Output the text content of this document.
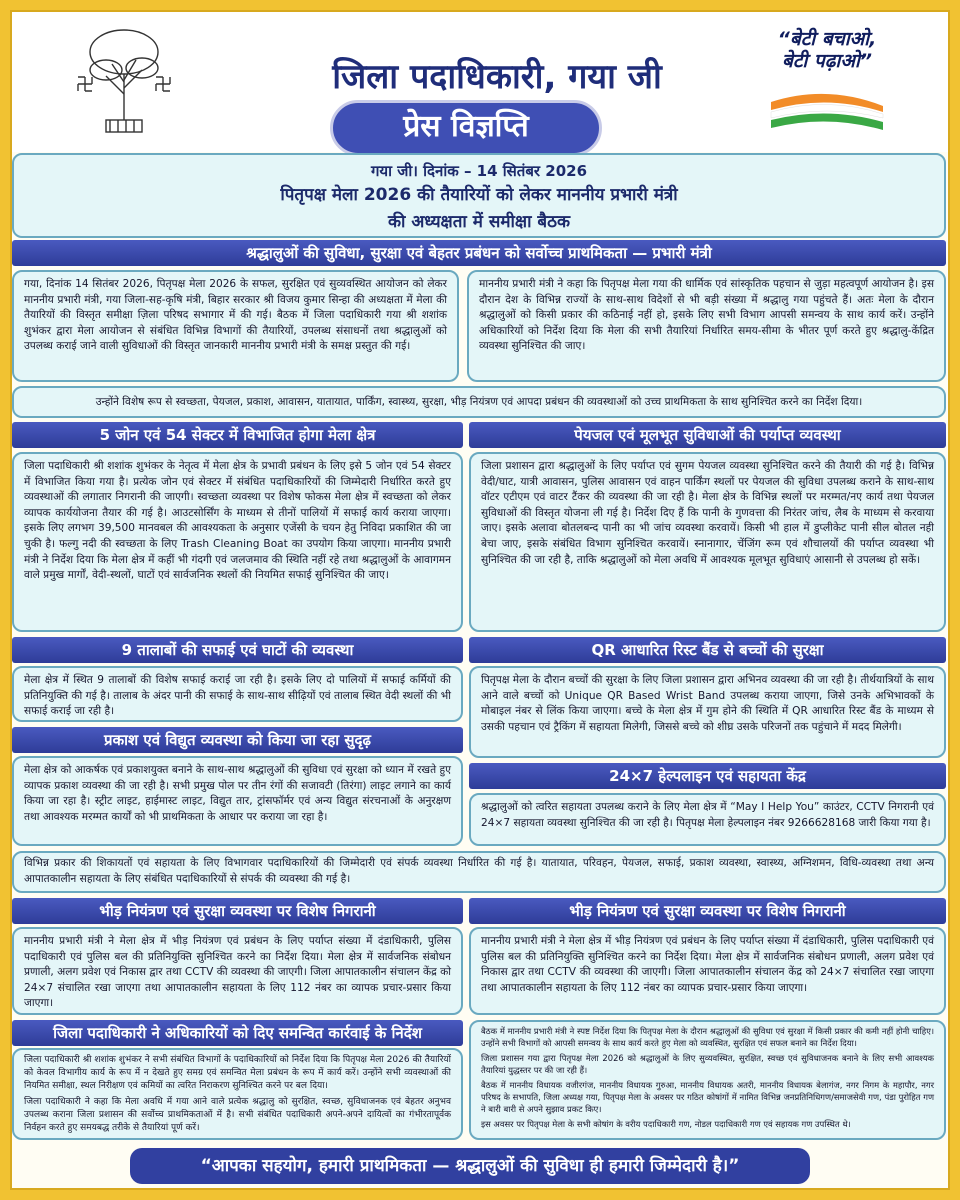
जिला पदाधिकारी, गया जी
प्रेस विज्ञप्ति
“बेटी बचाओ,
बेटी पढ़ाओ”
गया जी। दिनांक – 14 सितंबर 2026
पितृपक्ष मेला 2026 की तैयारियों को लेकर माननीय प्रभारी मंत्री
की अध्यक्षता में समीक्षा बैठक
श्रद्धालुओं की सुविधा, सुरक्षा एवं बेहतर प्रबंधन को सर्वोच्च प्राथमिकता — प्रभारी मंत्री
गया, दिनांक 14 सितंबर 2026, पितृपक्ष मेला 2026 के सफल, सुरक्षित एवं सुव्यवस्थित आयोजन को लेकर माननीय प्रभारी मंत्री, गया जिला-सह-कृषि मंत्री, बिहार सरकार श्री विजय कुमार सिन्हा की अध्यक्षता में मेला की तैयारियों की विस्तृत समीक्षा ज़िला परिषद सभागार में की गई। बैठक में जिला पदाधिकारी गया श्री शशांक शुभंकर द्वारा मेला आयोजन से संबंधित विभिन्न विभागों की तैयारियों, उपलब्ध संसाधनों तथा श्रद्धालुओं को उपलब्ध कराई जाने वाली सुविधाओं की विस्तृत जानकारी माननीय प्रभारी मंत्री के समक्ष प्रस्तुत की गई।
माननीय प्रभारी मंत्री ने कहा कि पितृपक्ष मेला गया की धार्मिक एवं सांस्कृतिक पहचान से जुड़ा महत्वपूर्ण आयोजन है। इस दौरान देश के विभिन्न राज्यों के साथ-साथ विदेशों से भी बड़ी संख्या में श्रद्धालु गया पहुंचते हैं। अतः मेला के दौरान श्रद्धालुओं को किसी प्रकार की कठिनाई नहीं हो, इसके लिए सभी विभाग आपसी समन्वय के साथ कार्य करें। उन्होंने अधिकारियों को निर्देश दिया कि मेला की सभी तैयारियां निर्धारित समय-सीमा के भीतर पूर्ण करते हुए श्रद्धालु-केंद्रित व्यवस्था सुनिश्चित की जाए।
उन्होंने विशेष रूप से स्वच्छता, पेयजल, प्रकाश, आवासन, यातायात, पार्किंग, स्वास्थ्य, सुरक्षा, भीड़ नियंत्रण एवं आपदा प्रबंधन की व्यवस्थाओं को उच्च प्राथमिकता के साथ सुनिश्चित करने का निर्देश दिया।
5 जोन एवं 54 सेक्टर में विभाजित होगा मेला क्षेत्र
जिला पदाधिकारी श्री शशांक शुभंकर के नेतृत्व में मेला क्षेत्र के प्रभावी प्रबंधन के लिए इसे 5 जोन एवं 54 सेक्टर में विभाजित किया गया है। प्रत्येक जोन एवं सेक्टर में संबंधित पदाधिकारियों की जिम्मेदारी निर्धारित करते हुए व्यवस्थाओं की लगातार निगरानी की जाएगी। स्वच्छता व्यवस्था पर विशेष फोकस मेला क्षेत्र में स्वच्छता को लेकर व्यापक कार्ययोजना तैयार की गई है। आउटसोर्सिंग के माध्यम से तीनों पालियों में सफाई कार्य कराया जाएगा। इसके लिए लगभग 39,500 मानवबल की आवश्यकता के अनुसार एजेंसी के चयन हेतु निविदा प्रकाशित की जा चुकी है। फल्गु नदी की स्वच्छता के लिए Trash Cleaning Boat का उपयोग किया जाएगा। माननीय प्रभारी मंत्री ने निर्देश दिया कि मेला क्षेत्र में कहीं भी गंदगी एवं जलजमाव की स्थिति नहीं रहे तथा श्रद्धालुओं के आवागमन वाले प्रमुख मार्गों, वेदी-स्थलों, घाटों एवं सार्वजनिक स्थलों की नियमित सफाई सुनिश्चित की जाए।
पेयजल एवं मूलभूत सुविधाओं की पर्याप्त व्यवस्था
जिला प्रशासन द्वारा श्रद्धालुओं के लिए पर्याप्त एवं सुगम पेयजल व्यवस्था सुनिश्चित करने की तैयारी की गई है। विभिन्न वेदी/घाट, यात्री आवासन, पुलिस आवासन एवं वाहन पार्किंग स्थलों पर पेयजल की सुविधा उपलब्ध कराने के साथ-साथ वॉटर एटीएम एवं वाटर टैंकर की व्यवस्था की जा रही है। मेला क्षेत्र के विभिन्न स्थलों पर मरम्मत/नए कार्य तथा पेयजल सुविधाओं की विस्तृत योजना ली गई है। निर्देश दिए हैं कि पानी के गुणवत्ता की निरंतर जांच, लैब के माध्यम से करवाया जाए। इसके अलावा बोतलबन्द पानी का भी जांच व्यवस्था करवायें। किसी भी हाल में डुप्लीकेट पानी सील बोतल नही बेचा जाए, इसके संबंधित विभाग सुनिश्चित करवायें। स्नानागार, चेंजिंग रूम एवं शौचालयों की पर्याप्त व्यवस्था भी सुनिश्चित की जा रही है, ताकि श्रद्धालुओं को मेला अवधि में आवश्यक मूलभूत सुविधाएं आसानी से उपलब्ध हो सकें।
9 तालाबों की सफाई एवं घाटों की व्यवस्था
मेला क्षेत्र में स्थित 9 तालाबों की विशेष सफाई कराई जा रही है। इसके लिए दो पालियों में सफाई कर्मियों की प्रतिनियुक्ति की गई है। तालाब के अंदर पानी की सफाई के साथ-साथ सीढ़ियों एवं तालाब स्थित वेदी स्थलों की भी सफाई कराई जा रही है।
QR आधारित रिस्ट बैंड से बच्चों की सुरक्षा
पितृपक्ष मेला के दौरान बच्चों की सुरक्षा के लिए जिला प्रशासन द्वारा अभिनव व्यवस्था की जा रही है। तीर्थयात्रियों के साथ आने वाले बच्चों को Unique QR Based Wrist Band उपलब्ध कराया जाएगा, जिसे उनके अभिभावकों के मोबाइल नंबर से लिंक किया जाएगा। बच्चे के मेला क्षेत्र में गुम होने की स्थिति में QR आधारित रिस्ट बैंड के माध्यम से उसकी पहचान एवं ट्रैकिंग में सहायता मिलेगी, जिससे बच्चे को शीघ्र उसके परिजनों तक पहुंचाने में मदद मिलेगी।
प्रकाश एवं विद्युत व्यवस्था को किया जा रहा सुदृढ़
मेला क्षेत्र को आकर्षक एवं प्रकाशयुक्त बनाने के साथ-साथ श्रद्धालुओं की सुविधा एवं सुरक्षा को ध्यान में रखते हुए व्यापक प्रकाश व्यवस्था की जा रही है। सभी प्रमुख पोल पर तीन रंगों की सजावटी (तिरंगा) लाइट लगाने का कार्य किया जा रहा है। स्ट्रीट लाइट, हाईमास्ट लाइट, विद्युत तार, ट्रांसफॉर्मर एवं अन्य विद्युत संरचनाओं के अनुरक्षण तथा आवश्यक मरम्मत कार्यों को भी प्राथमिकता के आधार पर कराया जा रहा है।
24×7 हेल्पलाइन एवं सहायता केंद्र
श्रद्धालुओं को त्वरित सहायता उपलब्ध कराने के लिए मेला क्षेत्र में “May I Help You” काउंटर, CCTV निगरानी एवं 24×7 सहायता व्यवस्था सुनिश्चित की जा रही है। पितृपक्ष मेला हेल्पलाइन नंबर 9266628168 जारी किया गया है।
विभिन्न प्रकार की शिकायतों एवं सहायता के लिए विभागवार पदाधिकारियों की जिम्मेदारी एवं संपर्क व्यवस्था निर्धारित की गई है। यातायात, परिवहन, पेयजल, सफाई, प्रकाश व्यवस्था, स्वास्थ्य, अग्निशमन, विधि-व्यवस्था तथा अन्य आपातकालीन सहायता के लिए संबंधित पदाधिकारियों से संपर्क की व्यवस्था की गई है।
भीड़ नियंत्रण एवं सुरक्षा व्यवस्था पर विशेष निगरानी
माननीय प्रभारी मंत्री ने मेला क्षेत्र में भीड़ नियंत्रण एवं प्रबंधन के लिए पर्याप्त संख्या में दंडाधिकारी, पुलिस पदाधिकारी एवं पुलिस बल की प्रतिनियुक्ति सुनिश्चित करने का निर्देश दिया। मेला क्षेत्र में सार्वजनिक संबोधन प्रणाली, अलग प्रवेश एवं निकास द्वार तथा CCTV की व्यवस्था की जाएगी। जिला आपातकालीन संचालन केंद्र को 24×7 संचालित रखा जाएगा तथा आपातकालीन सहायता के लिए 112 नंबर का व्यापक प्रचार-प्रसार किया जाएगा।
भीड़ नियंत्रण एवं सुरक्षा व्यवस्था पर विशेष निगरानी
माननीय प्रभारी मंत्री ने मेला क्षेत्र में भीड़ नियंत्रण एवं प्रबंधन के लिए पर्याप्त संख्या में दंडाधिकारी, पुलिस पदाधिकारी एवं पुलिस बल की प्रतिनियुक्ति सुनिश्चित करने का निर्देश दिया। मेला क्षेत्र में सार्वजनिक संबोधन प्रणाली, अलग प्रवेश एवं निकास द्वार तथा CCTV की व्यवस्था की जाएगी। जिला आपातकालीन संचालन केंद्र को 24×7 संचालित रखा जाएगा तथा आपातकालीन सहायता के लिए 112 नंबर का व्यापक प्रचार-प्रसार किया जाएगा।
जिला पदाधिकारी ने अधिकारियों को दिए समन्वित कार्रवाई के निर्देश
जिला पदाधिकारी श्री शशांक शुभंकर ने सभी संबंधित विभागों के पदाधिकारियों को निर्देश दिया कि पितृपक्ष मेला 2026 की तैयारियों को केवल विभागीय कार्य के रूप में न देखते हुए समग्र एवं समन्वित मेला प्रबंधन के रूप में कार्य करें। उन्होंने सभी व्यवस्थाओं की नियमित समीक्षा, स्थल निरीक्षण एवं कमियों का त्वरित निराकरण सुनिश्चित करने पर बल दिया।
जिला पदाधिकारी ने कहा कि मेला अवधि में गया आने वाले प्रत्येक श्रद्धालु को सुरक्षित, स्वच्छ, सुविधाजनक एवं बेहतर अनुभव उपलब्ध कराना जिला प्रशासन की सर्वोच्च प्राथमिकताओं में है। सभी संबंधित पदाधिकारी अपने-अपने दायित्वों का गंभीरतापूर्वक निर्वहन करते हुए समयबद्ध तरीके से तैयारियां पूर्ण करें।
बैठक में माननीय प्रभारी मंत्री ने स्पष्ट निर्देश दिया कि पितृपक्ष मेला के दौरान श्रद्धालुओं की सुविधा एवं सुरक्षा में किसी प्रकार की कमी नहीं होनी चाहिए। उन्होंने सभी विभागों को आपसी समन्वय के साथ कार्य करते हुए मेला को व्यवस्थित, सुरक्षित एवं सफल बनाने का निर्देश दिया।
जिला प्रशासन गया द्वारा पितृपक्ष मेला 2026 को श्रद्धालुओं के लिए सुव्यवस्थित, सुरक्षित, स्वच्छ एवं सुविधाजनक बनाने के लिए सभी आवश्यक तैयारियां युद्धस्तर पर की जा रही हैं।
बैठक में माननीय विधायक वजीरगंज, माननीय विधायक गुरुआ, माननीय विधायक अतरी, माननीय विधायक बेलागंज, नगर निगम के महापौर, नगर परिषद के सभापति, जिला अध्यक्ष गया, पितृपक्ष मेला के अवसर पर गठित कोषांगों में नामित विभिन्न जनप्रतिनिधिगण/समाजसेवी गण, पंडा पुरोहित गण ने बारी बारी से अपने सुझाव प्रकट किए।
इस अवसर पर पितृपक्ष मेला के सभी कोषांग के वरीय पदाधिकारी गण, नोडल पदाधिकारी गण एवं सहायक गण उपस्थित थे।
“आपका सहयोग, हमारी प्राथमिकता — श्रद्धालुओं की सुविधा ही हमारी जिम्मेदारी है।”
